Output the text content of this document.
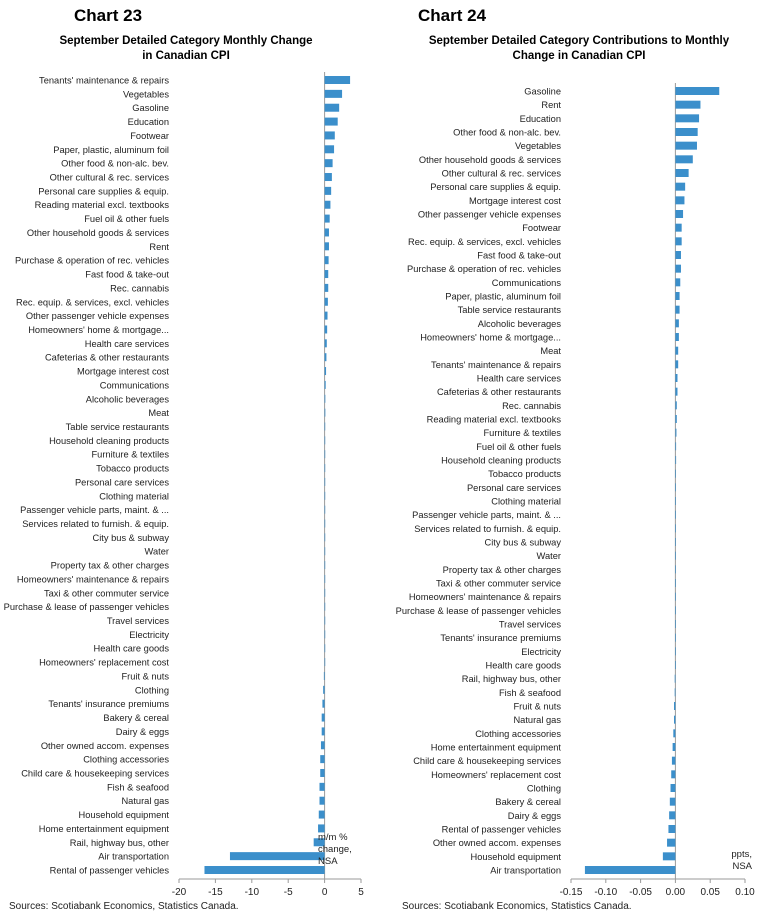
Chart 23
September Detailed Category Monthly Change in Canadian CPI
-20 -15 -10 -5	0	5
Tenants' maintenance & repairs
Vegetables
Gasoline
Education
Footwear
Paper, plastic, aluminum foil
Other food & non-alc. bev.
Other cultural & rec. services
Personal care supplies & equip.
Reading material excl. textbooks
Fuel oil & other fuels
Other household goods & services
Rent
Purchase & operation of rec. vehicles
Fast food & take-out
Rec. cannabis
Rec. equip. & services, excl. vehicles
Other passenger vehicle expenses
Homeowners' home & mortgage...
Health care services
Cafeterias & other restaurants
Mortgage interest cost
Communications
Alcoholic beverages
Meat
Table service restaurants
Household cleaning products
Furniture & textiles
Tobacco products
Personal care services
Clothing material
Passenger vehicle parts, maint. & ...
Services related to furnish. & equip.
City bus & subway
Water
Property tax & other charges
Homeowners' maintenance & repairs
Taxi & other commuter service
Purchase & lease of passenger vehicles
Travel services
Electricity
Health care goods
Homeowners' replacement cost
Fruit & nuts
Clothing
Tenants' insurance premiums
Bakery & cereal
Dairy & eggs
Other owned accom. expenses
Clothing accessories
Child care & housekeeping services
Fish & seafood
Natural gas
Household equipment
Home entertainment equipment
Rail, highway bus, other
Air transportation
Rental of passenger vehicles
m/m % change, NSA
Sources: Scotiabank Economics, Statistics Canada.
Chart 24
September Detailed Category Contributions to Monthly Change in Canadian CPI
-0.15 -0.10 -0.05 0.00 0.05 0.10
Gasoline
Rent
Education
Other food & non-alc. bev.
Vegetables
Other household goods & services
Other cultural & rec. services
Personal care supplies & equip.
Mortgage interest cost
Other passenger vehicle expenses
Footwear
Rec. equip. & services, excl. vehicles
Fast food & take-out
Purchase & operation of rec. vehicles
Communications
Paper, plastic, aluminum foil
Table service restaurants
Alcoholic beverages
Homeowners' home & mortgage...
Meat
Tenants' maintenance & repairs
Health care services
Cafeterias & other restaurants
Rec. cannabis
Reading material excl. textbooks
Furniture & textiles
Fuel oil & other fuels
Household cleaning products
Tobacco products
Personal care services
Clothing material
Passenger vehicle parts, maint. & ...
Services related to furnish. & equip.
City bus & subway
Water
Property tax & other charges
Taxi & other commuter service
Homeowners' maintenance & repairs
Purchase & lease of passenger vehicles
Travel services
Tenants' insurance premiums
Electricity
Health care goods
Rail, highway bus, other
Fish & seafood
Fruit & nuts
Natural gas
Clothing accessories
Home entertainment equipment
Child care & housekeeping services
Homeowners' replacement cost
Clothing
Bakery & cereal
Dairy & eggs
Rental of passenger vehicles
Other owned accom. expenses
Household equipment
Air transportation
ppts, NSA
Sources: Scotiabank Economics, Statistics Canada.
